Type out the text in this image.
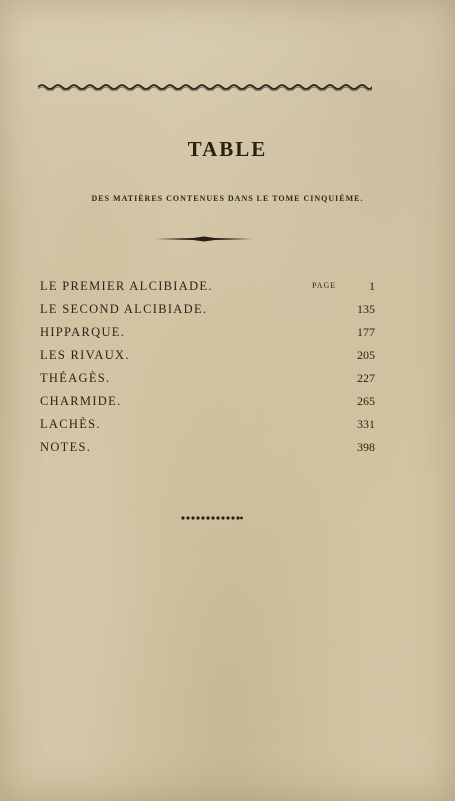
TABLE
DES MATIÈRES CONTENUES DANS LE TOME CINQUIÈME.
LE PREMIER ALCIBIADE.	PAGE	1
LE SECOND ALCIBIADE.	135
HIPPARQUE.	177
LES RIVAUX.	205
THÉAGÈS.	227
CHARMIDE.	265
LACHÈS.	331
NOTES.	398
